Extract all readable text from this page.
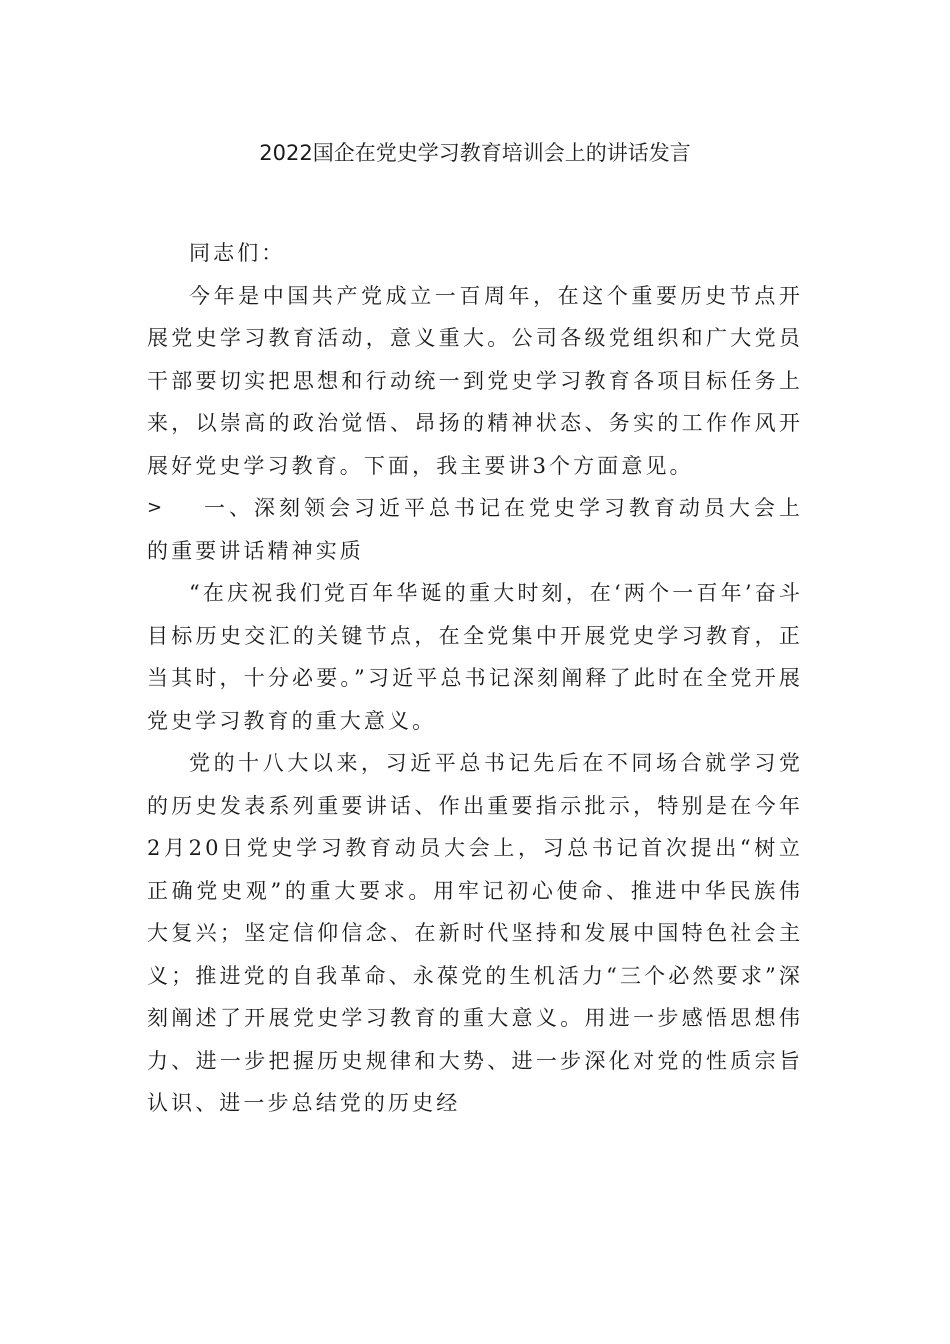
2022国企在党史学习教育培训会上的讲话发言

同志们：

今年是中国共产党成立一百周年，在这个重要历史节点开展党史学习教育活动，意义重大。公司各级党组织和广大党员干部要切实把思想和行动统一到党史学习教育各项目标任务上来，以崇高的政治觉悟、昂扬的精神状态、务实的工作作风开展好党史学习教育。下面，我主要讲3个方面意见。

>	一、深刻领会习近平总书记在党史学习教育动员大会上的重要讲话精神实质

“在庆祝我们党百年华诞的重大时刻，在‘两个一百年’奋斗目标历史交汇的关键节点，在全党集中开展党史学习教育，正当其时，十分必要。”习近平总书记深刻阐释了此时在全党开展党史学习教育的重大意义。

党的十八大以来，习近平总书记先后在不同场合就学习党的历史发表系列重要讲话、作出重要指示批示，特别是在今年2月20日党史学习教育动员大会上，习总书记首次提出“树立正确党史观”的重大要求。用牢记初心使命、推进中华民族伟大复兴；坚定信仰信念、在新时代坚持和发展中国特色社会主义；推进党的自我革命、永葆党的生机活力“三个必然要求”深刻阐述了开展党史学习教育的重大意义。用进一步感悟思想伟力、进一步把握历史规律和大势、进一步深化对党的性质宗旨认识、进一步总结党的历史经
